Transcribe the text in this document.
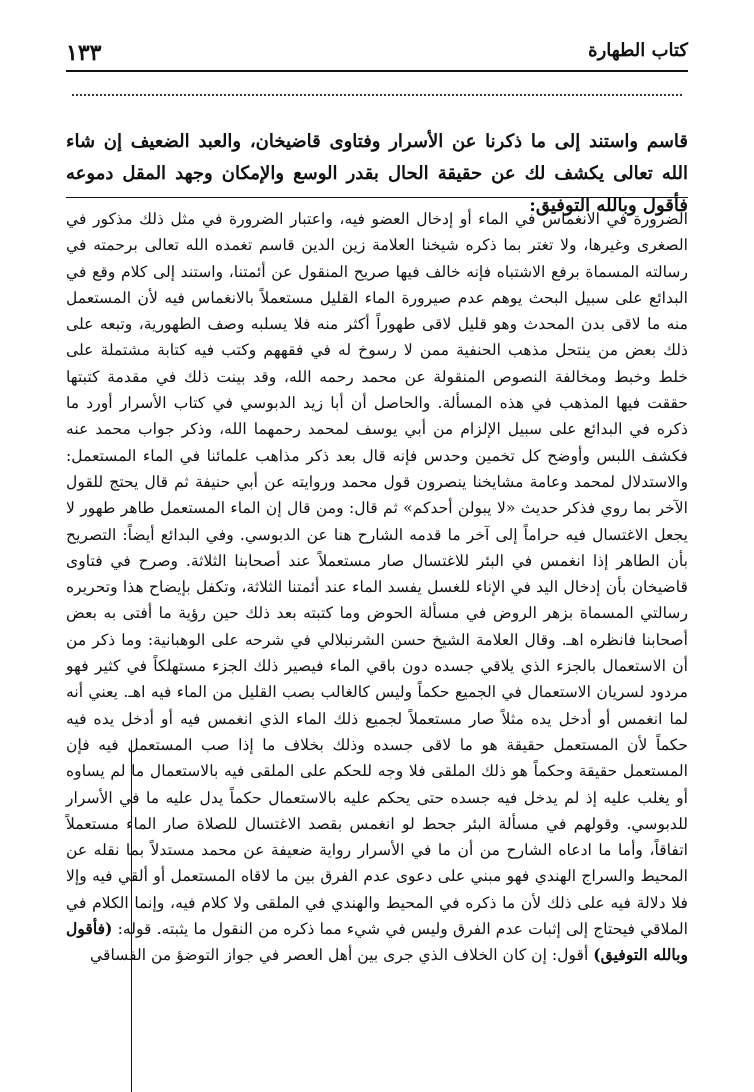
كتاب الطهارة
١٣٣
قاسم واستند إلى ما ذكرنا عن الأسرار وفتاوى قاضيخان، والعبد الضعيف إن شاء الله تعالى يكشف لك عن حقيقة الحال بقدر الوسع والإمكان وجهد المقل دموعه فأقول وبالله التوفيق:

الضرورة في الانغماس في الماء أو إدخال العضو فيه، واعتبار الضرورة في مثل ذلك مذكور في الصغرى وغيرها، ولا تغتر بما ذكره شيخنا العلامة زين الدين قاسم تغمده الله تعالى برحمته في رسالته المسماة برفع الاشتباه فإنه خالف فيها صريح المنقول عن أئمتنا، واستند إلى كلام وقع في البدائع على سبيل البحث يوهم عدم صيرورة الماء القليل مستعملاً بالانغماس فيه لأن المستعمل منه ما لاقى بدن المحدث وهو قليل لاقى طهوراً أكثر منه فلا يسلبه وصف الطهورية، وتبعه على ذلك بعض من ينتحل مذهب الحنفية ممن لا رسوخ له في فقههم وكتب فيه كتابة مشتملة على خلط وخبط ومخالفة النصوص المنقولة عن محمد رحمه الله، وقد بينت ذلك في مقدمة كتبتها حققت فيها المذهب في هذه المسألة. والحاصل أن أبا زيد الدبوسي في كتاب الأسرار أورد ما ذكره في البدائع على سبيل الإلزام من أبي يوسف لمحمد رحمهما الله، وذكر جواب محمد عنه فكشف اللبس وأوضح كل تخمين وحدس فإنه قال بعد ذكر مذاهب علمائنا في الماء المستعمل: والاستدلال لمحمد وعامة مشايخنا ينصرون قول محمد وروايته عن أبي حنيفة ثم قال يحتج للقول الآخر بما روي فذكر حديث «لا يبولن أحدكم» ثم قال: ومن قال إن الماء المستعمل طاهر طهور لا يجعل الاغتسال فيه حراماً إلى آخر ما قدمه الشارح هنا عن الدبوسي. وفي البدائع أيضاً: التصريح بأن الطاهر إذا انغمس في البئر للاغتسال صار مستعملاً عند أصحابنا الثلاثة. وصرح في فتاوى قاضيخان بأن إدخال اليد في الإناء للغسل يفسد الماء عند أئمتنا الثلاثة، وتكفل بإيضاح هذا وتحريره رسالتي المسماة بزهر الروض في مسألة الحوض وما كتبته بعد ذلك حين رؤية ما أفتى به بعض أصحابنا فانظره اهـ. وقال العلامة الشيخ حسن الشرنبلالي في شرحه على الوهبانية: وما ذكر من أن الاستعمال بالجزء الذي يلاقي جسده دون باقي الماء فيصير ذلك الجزء مستهلكاً في كثير فهو مردود لسريان الاستعمال في الجميع حكماً وليس كالغالب بصب القليل من الماء فيه اهـ. يعني أنه لما انغمس أو أدخل يده مثلاً صار مستعملاً لجميع ذلك الماء الذي انغمس فيه أو أدخل يده فيه حكماً لأن المستعمل حقيقة هو ما لاقى جسده وذلك بخلاف ما إذا صب المستعمل فيه فإن المستعمل حقيقة وحكماً هو ذلك الملقى فلا وجه للحكم على الملقى فيه بالاستعمال ما لم يساوه أو يغلب عليه إذ لم يدخل فيه جسده حتى يحكم عليه بالاستعمال حكماً يدل عليه ما في الأسرار للدبوسي. وقولهم في مسألة البئر جحط لو انغمس بقصد الاغتسال للصلاة صار الماء مستعملاً اتفاقاً، وأما ما ادعاه الشارح من أن ما في الأسرار رواية ضعيفة عن محمد مستدلاً بما نقله عن المحيط والسراج الهندي فهو مبني على دعوى عدم الفرق بين ما لاقاه المستعمل أو ألقي فيه وإلا فلا دلالة فيه على ذلك لأن ما ذكره في المحيط والهندي في الملقى ولا كلام فيه، وإنما الكلام في الملاقي فيحتاج إلى إثبات عدم الفرق وليس في شيء مما ذكره من النقول ما يثبته. قوله: (فأقول وبالله التوفيق) أقول: إن كان الخلاف الذي جرى بين أهل العصر في جواز التوضؤ من الفساقي
